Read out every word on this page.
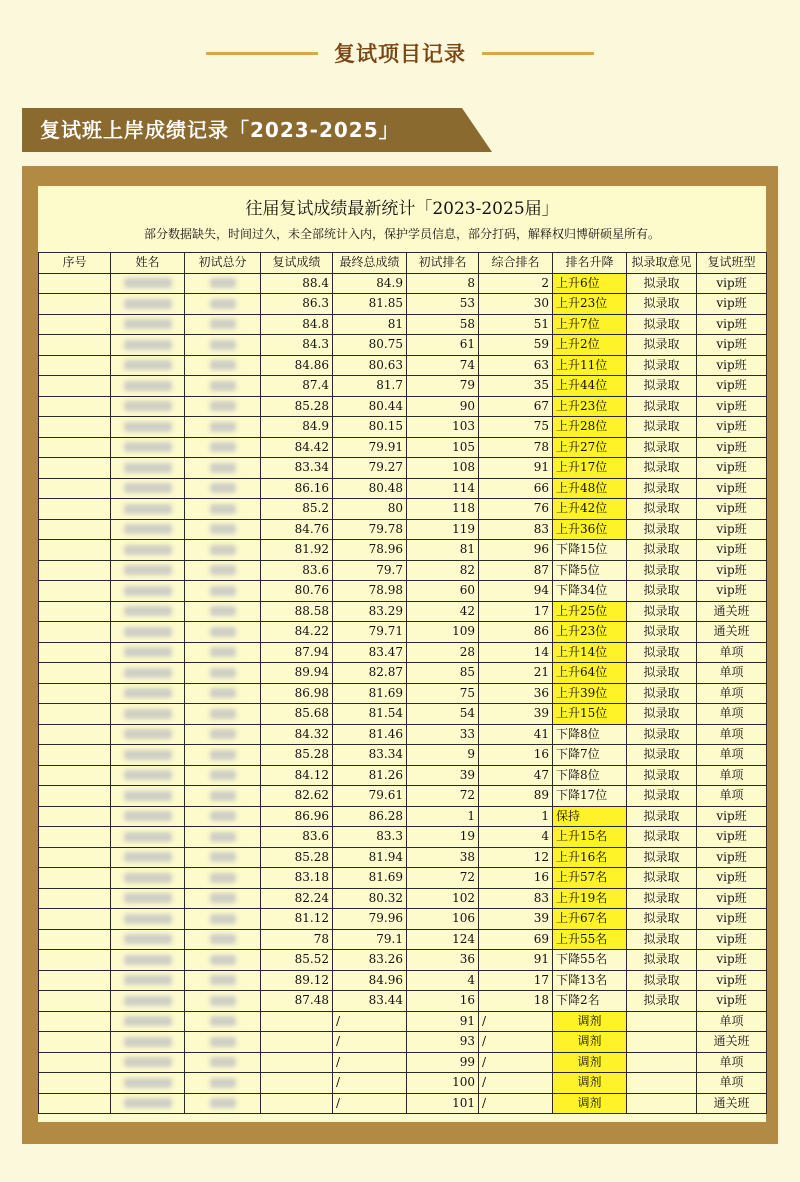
复试项目记录
复试班上岸成绩记录「2023-2025」
往届复试成绩最新统计「2023-2025届」
部分数据缺失，时间过久，未全部统计入内，保护学员信息，部分打码，解释权归博研硕星所有。
序号	姓名	初试总分	复试成绩	最终总成绩	初试排名	综合排名	排名升降	拟录取意见	复试班型
			88.4	84.9	8	2	上升6位	拟录取	vip班
			86.3	81.85	53	30	上升23位	拟录取	vip班
			84.8	81	58	51	上升7位	拟录取	vip班
			84.3	80.75	61	59	上升2位	拟录取	vip班
			84.86	80.63	74	63	上升11位	拟录取	vip班
			87.4	81.7	79	35	上升44位	拟录取	vip班
			85.28	80.44	90	67	上升23位	拟录取	vip班
			84.9	80.15	103	75	上升28位	拟录取	vip班
			84.42	79.91	105	78	上升27位	拟录取	vip班
			83.34	79.27	108	91	上升17位	拟录取	vip班
			86.16	80.48	114	66	上升48位	拟录取	vip班
			85.2	80	118	76	上升42位	拟录取	vip班
			84.76	79.78	119	83	上升36位	拟录取	vip班
			81.92	78.96	81	96	下降15位	拟录取	vip班
			83.6	79.7	82	87	下降5位	拟录取	vip班
			80.76	78.98	60	94	下降34位	拟录取	vip班
			88.58	83.29	42	17	上升25位	拟录取	通关班
			84.22	79.71	109	86	上升23位	拟录取	通关班
			87.94	83.47	28	14	上升14位	拟录取	单项
			89.94	82.87	85	21	上升64位	拟录取	单项
			86.98	81.69	75	36	上升39位	拟录取	单项
			85.68	81.54	54	39	上升15位	拟录取	单项
			84.32	81.46	33	41	下降8位	拟录取	单项
			85.28	83.34	9	16	下降7位	拟录取	单项
			84.12	81.26	39	47	下降8位	拟录取	单项
			82.62	79.61	72	89	下降17位	拟录取	单项
			86.96	86.28	1	1	保持	拟录取	vip班
			83.6	83.3	19	4	上升15名	拟录取	vip班
			85.28	81.94	38	12	上升16名	拟录取	vip班
			83.18	81.69	72	16	上升57名	拟录取	vip班
			82.24	80.32	102	83	上升19名	拟录取	vip班
			81.12	79.96	106	39	上升67名	拟录取	vip班
			78	79.1	124	69	上升55名	拟录取	vip班
			85.52	83.26	36	91	下降55名	拟录取	vip班
			89.12	84.96	4	17	下降13名	拟录取	vip班
			87.48	83.44	16	18	下降2名	拟录取	vip班
				/	91	/	调剂		单项
				/	93	/	调剂		通关班
				/	99	/	调剂		单项
				/	100	/	调剂		单项
				/	101	/	调剂		通关班
